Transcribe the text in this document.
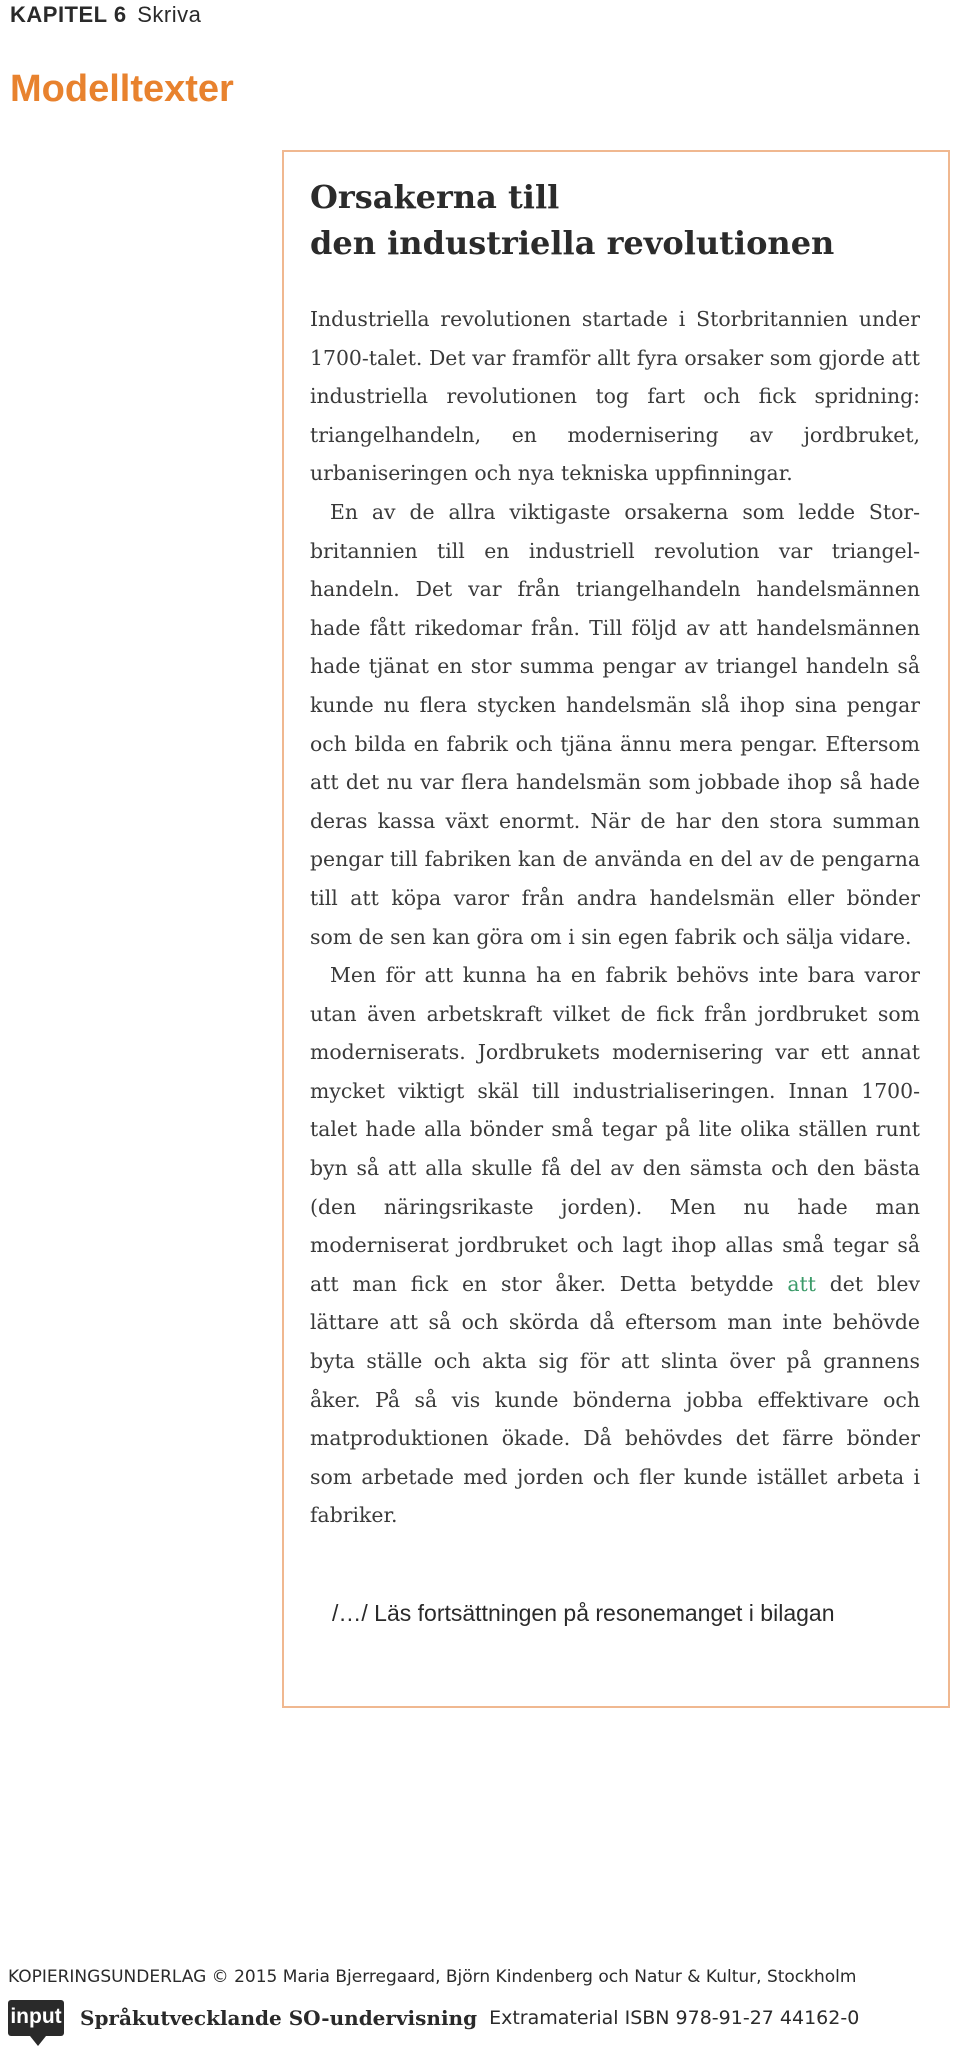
KAPITEL 6 Skriva
Modelltexter
Orsakerna till
den industriella revolutionen

Industriella revolutionen startade i Storbritannien under 1700-talet. Det var framför allt fyra orsaker som gjorde att industriella revolutionen tog fart och fick spridning: triangelhandeln, en modernisering av jordbruket, urbaniseringen och nya tekniska uppfinningar.

En av de allra viktigaste orsakerna som ledde Storbritannien till en industriell revolution var triangelhandeln. Det var från triangelhandeln handelsmännen hade fått rikedomar från. Till följd av att handelsmännen hade tjänat en stor summa pengar av triangel handeln så kunde nu flera stycken handelsmän slå ihop sina pengar och bilda en fabrik och tjäna ännu mera pengar. Eftersom att det nu var flera handelsmän som jobbade ihop så hade deras kassa växt enormt. När de har den stora summan pengar till fabriken kan de använda en del av de pengarna till att köpa varor från andra handelsmän eller bönder som de sen kan göra om i sin egen fabrik och sälja vidare.

Men för att kunna ha en fabrik behövs inte bara varor utan även arbetskraft vilket de fick från jordbruket som moderniserats. Jordbrukets modernisering var ett annat mycket viktigt skäl till industrialiseringen. Innan 1700-talet hade alla bönder små tegar på lite olika ställen runt byn så att alla skulle få del av den sämsta och den bästa (den näringsrikaste jorden). Men nu hade man moderniserat jordbruket och lagt ihop allas små tegar så att man fick en stor åker. Detta betydde att det blev lättare att så och skörda då eftersom man inte behövde byta ställe och akta sig för att slinta över på grannens åker. På så vis kunde bönderna jobba effektivare och matproduktionen ökade. Då behövdes det färre bönder som arbetade med jorden och fler kunde istället arbeta i fabriker.

/…/ Läs fortsättningen på resonemanget i bilagan
KOPIERINGSUNDERLAG © 2015 Maria Bjerregaard, Björn Kindenberg och Natur & Kultur, Stockholm
input Språkutvecklande SO-undervisning Extramaterial ISBN 978-91-27 44162-0
